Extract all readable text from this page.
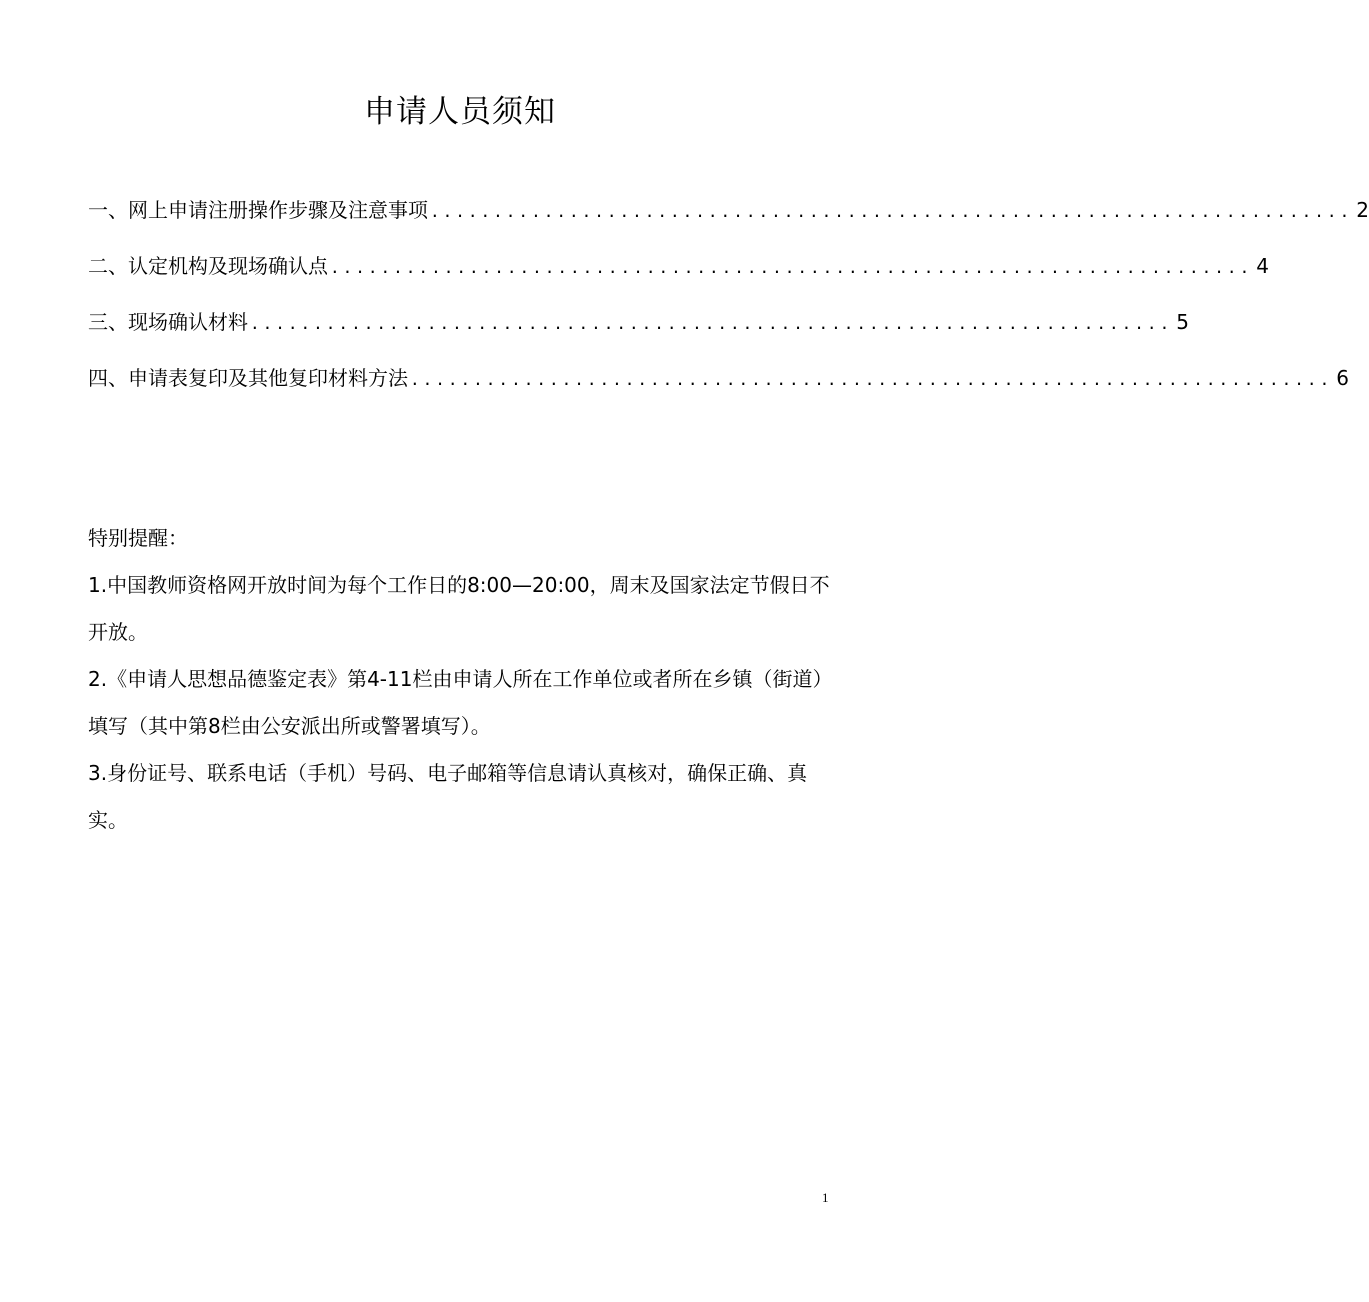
申请人员须知
一、网上申请注册操作步骤及注意事项 ......................................................................... 2
二、认定机构及现场确认点 ......................................................................... 4
三、现场确认材料 ......................................................................... 5
四、申请表复印及其他复印材料方法 ......................................................................... 6

特别提醒：

1.中国教师资格网开放时间为每个工作日的8:00—20:00，周末及国家法定节假日不开放。

2.《申请人思想品德鉴定表》第4-11栏由申请人所在工作单位或者所在乡镇（街道）填写（其中第8栏由公安派出所或警署填写）。

3.身份证号、联系电话（手机）号码、电子邮箱等信息请认真核对，确保正确、真实。

1
